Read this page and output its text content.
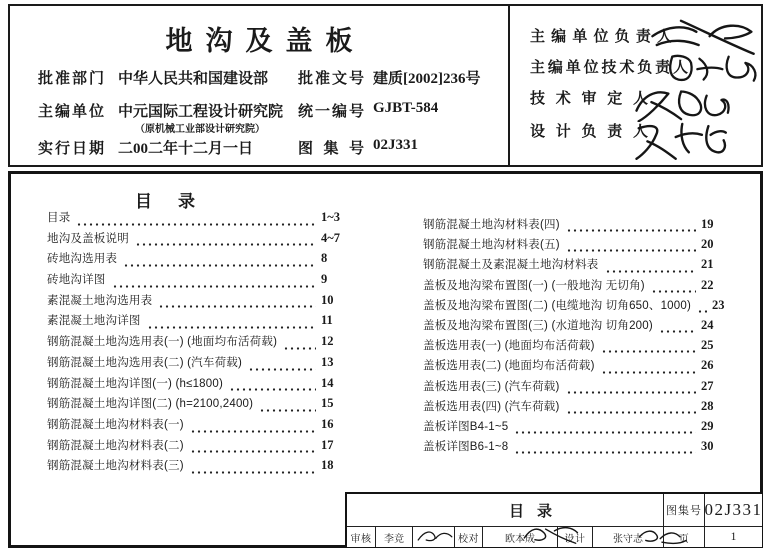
地沟及盖板
批准部门 中华人民共和国建设部 批准文号 建质[2002]236号
主编单位 中元国际工程设计研究院
（原机械工业部设计研究院）
统一编号 GJBT-584
实行日期 二00二年十二月一日	图集号 02J331
主编单位负责人
主编单位技术负责人
技术审定人
设计负责人
目录
目录	1~3
地沟及盖板说明	4~7
砖地沟选用表	8
砖地沟详图	9
素混凝土地沟选用表	10
素混凝土地沟详图	11
钢筋混凝土地沟选用表(一) (地面均布活荷载)	12
钢筋混凝土地沟选用表(二) (汽车荷载)	13
钢筋混凝土地沟详图(一) (h≤1800)	14
钢筋混凝土地沟详图(二) (h=2100,2400)	15
钢筋混凝土地沟材料表(一)	16
钢筋混凝土地沟材料表(二)	17
钢筋混凝土地沟材料表(三)	18
钢筋混凝土地沟材料表(四)	19
钢筋混凝土地沟材料表(五)	20
钢筋混凝土及素混凝土地沟材料表	21
盖板及地沟梁布置图(一) (一般地沟 无切角)	22
盖板及地沟梁布置图(二) (电缆地沟 切角650、1000) 23
盖板及地沟梁布置图(三) (水道地沟 切角200)	24
盖板选用表(一) (地面均布活荷载)	25
盖板选用表(二) (地面均布活荷载)	26
盖板选用表(三) (汽车荷载)	27
盖板选用表(四) (汽车荷载)	28
盖板详图B4-1~5	29
盖板详图B6-1~8	30
目录	图集号 02J331
审核	李竞	校对	欧本成	设计	张守志	页	1
